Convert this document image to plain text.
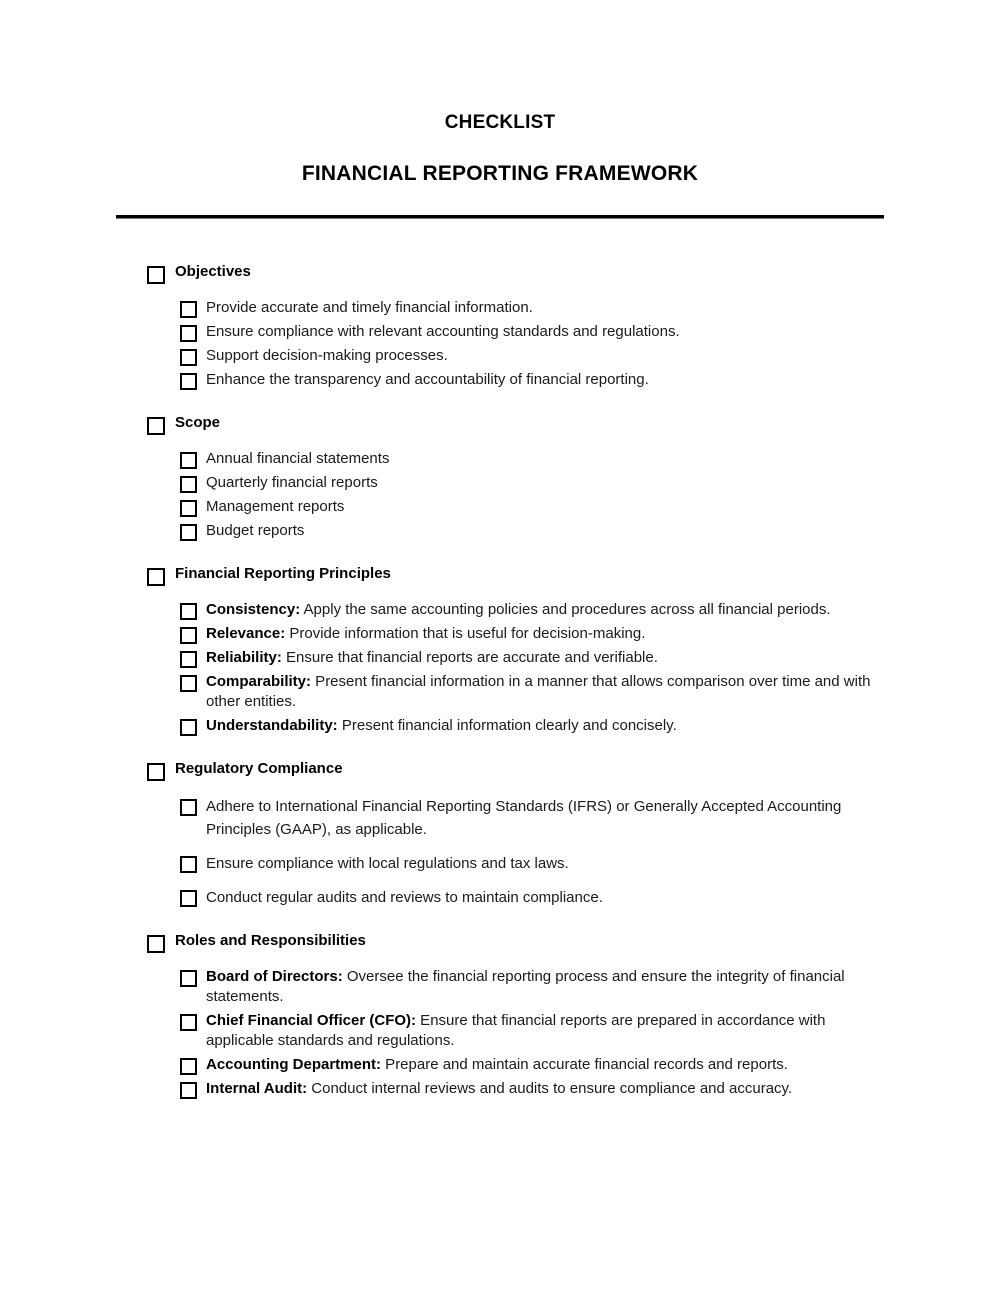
CHECKLIST
FINANCIAL REPORTING FRAMEWORK
Objectives
Provide accurate and timely financial information.
Ensure compliance with relevant accounting standards and regulations.
Support decision-making processes.
Enhance the transparency and accountability of financial reporting.
Scope
Annual financial statements
Quarterly financial reports
Management reports
Budget reports
Financial Reporting Principles
Consistency: Apply the same accounting policies and procedures across all financial periods.
Relevance: Provide information that is useful for decision-making.
Reliability: Ensure that financial reports are accurate and verifiable.
Comparability: Present financial information in a manner that allows comparison over time and with other entities.
Understandability: Present financial information clearly and concisely.
Regulatory Compliance
Adhere to International Financial Reporting Standards (IFRS) or Generally Accepted Accounting Principles (GAAP), as applicable.
Ensure compliance with local regulations and tax laws.
Conduct regular audits and reviews to maintain compliance.
Roles and Responsibilities
Board of Directors: Oversee the financial reporting process and ensure the integrity of financial statements.
Chief Financial Officer (CFO): Ensure that financial reports are prepared in accordance with applicable standards and regulations.
Accounting Department: Prepare and maintain accurate financial records and reports.
Internal Audit: Conduct internal reviews and audits to ensure compliance and accuracy.
